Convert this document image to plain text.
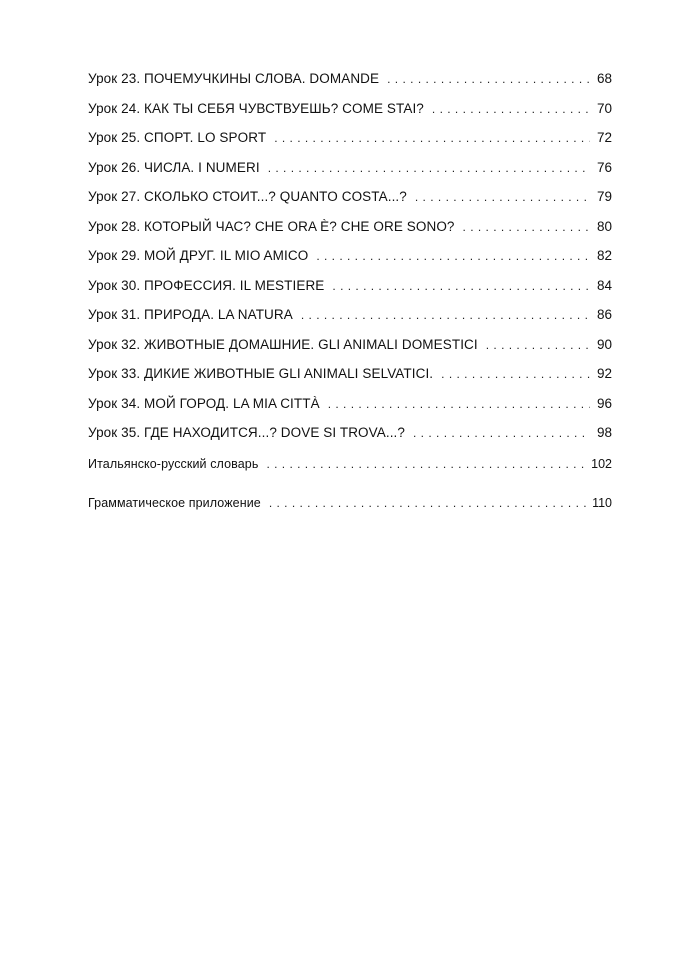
Урок 23. ПОЧЕМУЧКИНЫ СЛОВА. DOMANDE . . .	68
Урок 24. КАК ТЫ СЕБЯ ЧУВСТВУЕШЬ? COME STAI? . . .	70
Урок 25. СПОРТ. LO SPORT . . .	72
Урок 26. ЧИСЛА. I NUMERI . . .	76
Урок 27. СКОЛЬКО СТОИТ...? QUANTO COSTA...? . . .	79
Урок 28. КОТОРЫЙ ЧАС? CHE ORA È? CHE ORE SONO? . . .	80
Урок 29. МОЙ ДРУГ. IL MIO AMICO . . .	82
Урок 30. ПРОФЕССИЯ. IL MESTIERE . . .	84
Урок 31. ПРИРОДА. LA NATURA . . .	86
Урок 32. ЖИВОТНЫЕ ДОМАШНИЕ. GLI ANIMALI DOMESTICI . . .	90
Урок 33. ДИКИЕ ЖИВОТНЫЕ GLI ANIMALI SELVATICI. . . .	92
Урок 34. МОЙ ГОРОД. LA MIA CITTÀ . . .	96
Урок 35. ГДЕ НАХОДИТСЯ...? DOVE SI TROVA...? . . .	98
Итальянско-русский словарь . . .	102
Грамматическое приложение . . .	110
